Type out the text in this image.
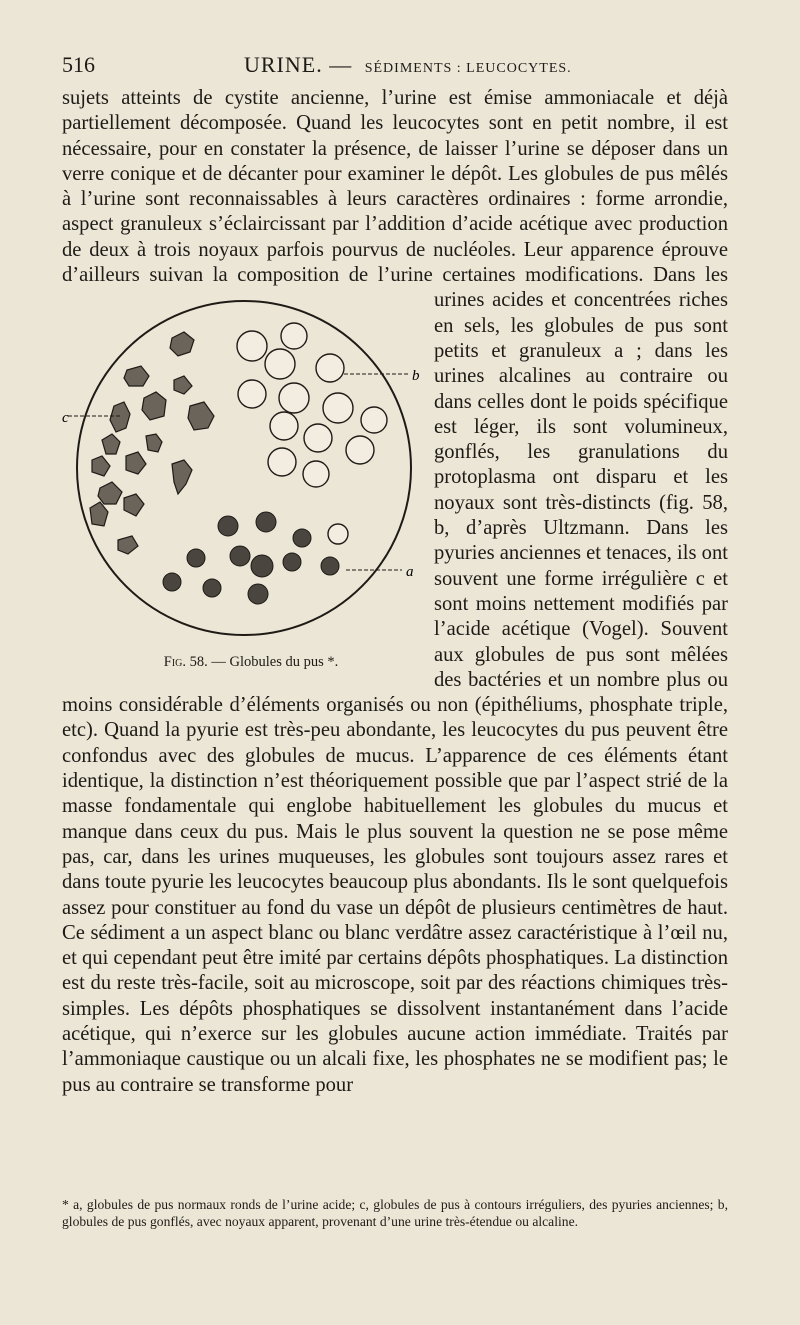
516	URINE. — SÉDIMENTS : LEUCOCYTES.
sujets atteints de cystite ancienne, l’urine est émise ammoniacale et déjà partiellement décomposée. Quand les leucocytes sont en petit nombre, il est nécessaire, pour en constater la présence, de laisser l’urine se déposer dans un verre conique et de décanter pour examiner le dépôt. Les globules de pus mêlés à l’urine sont reconnaissables à leurs caractères ordinaires : forme arrondie, aspect granuleux s’éclaircissant par l’addition d’acide acétique avec production de deux à trois noyaux parfois pourvus de nucléoles. Leur apparence éprouve d’ailleurs suivan la composition de l’urine certaines modifications. Dans les urines acides
b
c
a
Fig. 58. — Globules du pus *.
et concentrées riches en sels, les globules de pus sont petits et granuleux a ; dans les urines alcalines au contraire ou dans celles dont le poids spécifique est léger, ils sont volumineux, gonflés, les granulations du protoplasma ont disparu et les noyaux sont très-distincts (fig. 58, b, d’après Ultzmann. Dans les pyuries anciennes et tenaces, ils ont souvent une forme irrégulière c et sont moins nettement modifiés par l’acide acétique (Vogel). Souvent aux globules de pus sont mêlées des bactéries et un nombre plus ou moins considérable d’éléments organisés ou non (épithéliums, phosphate triple, etc). Quand la pyurie est très-peu abondante, les leucocytes du pus peuvent être confondus avec des globules de mucus. L’apparence de ces éléments étant identique, la distinction n’est théoriquement possible que par l’aspect strié de la masse fondamentale qui englobe habituellement les globules du mucus et manque dans ceux du pus. Mais le plus souvent la question ne se pose même pas, car, dans les urines muqueuses, les globules sont toujours assez rares et dans toute pyurie les leucocytes beaucoup plus abondants. Ils le sont quelquefois assez pour constituer au fond du vase un dépôt de plusieurs centimètres de haut. Ce sédiment a un aspect blanc ou blanc verdâtre assez caractéristique à l’œil nu, et qui cependant peut être imité par certains dépôts phosphatiques. La distinction est du reste très-facile, soit au microscope, soit par des réactions chimiques très-simples. Les dépôts phosphatiques se dissolvent instantanément dans l’acide acétique, qui n’exerce sur les globules aucune action immédiate. Traités par l’ammoniaque caustique ou un alcali fixe, les phosphates ne se modifient pas; le pus au contraire se transforme pour
* a, globules de pus normaux ronds de l’urine acide; c, globules de pus à contours irréguliers, des pyuries anciennes; b, globules de pus gonflés, avec noyaux apparent, provenant d’une urine très-étendue ou alcaline.
